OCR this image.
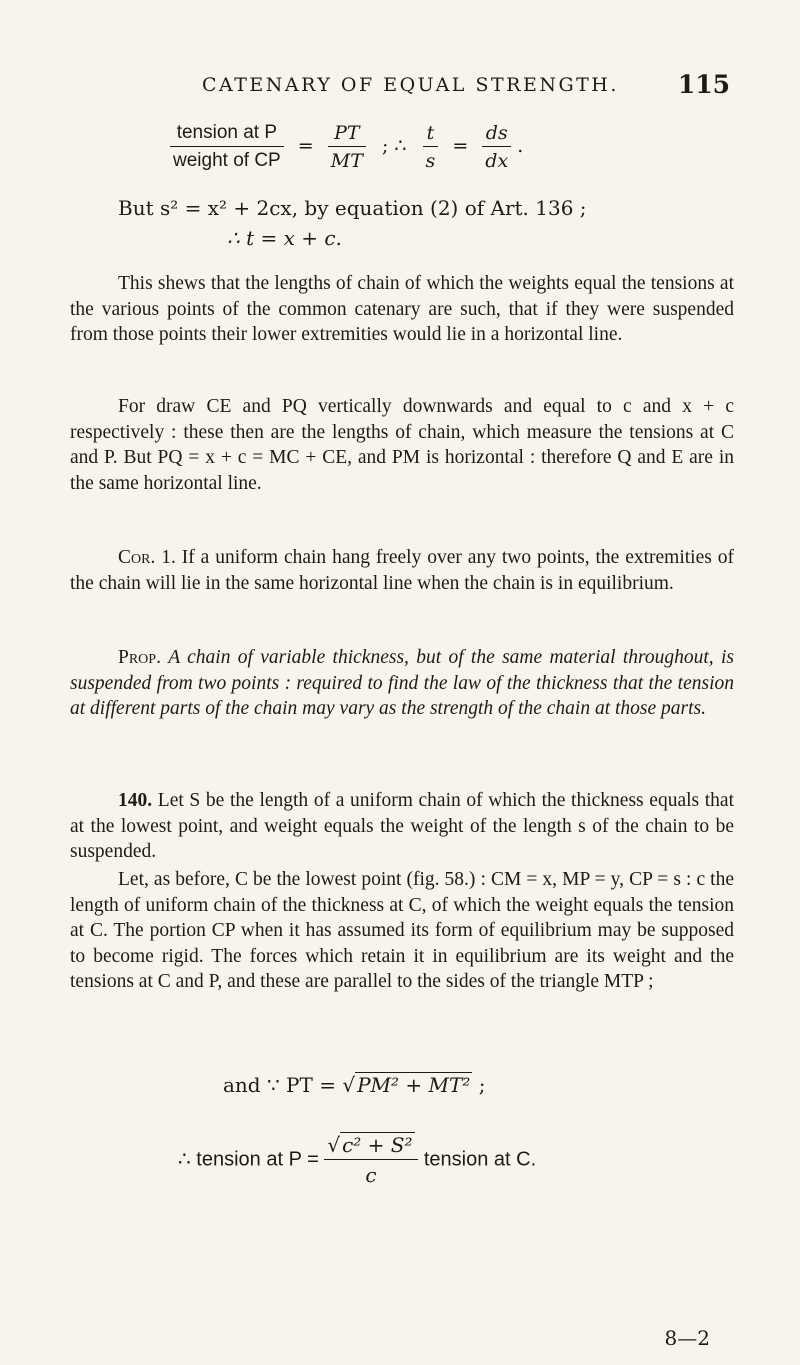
CATENARY OF EQUAL STRENGTH. 115
$\frac{\text{tension at P}}{\text{weight of CP}} = \frac{PT}{MT}$ ; ∴ $\frac{t}{s} = \frac{ds}{dx}$ .
But s² = x² + 2cx, by equation (2) of Art. 136 ;
∴ t = x + c.
This shews that the lengths of chain of which the weights equal the tensions at the various points of the common catenary are such, that if they were suspended from those points their lower extremities would lie in a horizontal line.
For draw CE and PQ vertically downwards and equal to c and x + c respectively : these then are the lengths of chain, which measure the tensions at C and P. But PQ = x + c = MC + CE, and PM is horizontal : therefore Q and E are in the same horizontal line.
Cor. 1. If a uniform chain hang freely over any two points, the extremities of the chain will lie in the same horizontal line when the chain is in equilibrium.
Prop. A chain of variable thickness, but of the same material throughout, is suspended from two points : required to find the law of the thickness that the tension at different parts of the chain may vary as the strength of the chain at those parts.
140. Let S be the length of a uniform chain of which the thickness equals that at the lowest point, and weight equals the weight of the length s of the chain to be suspended.
Let, as before, C be the lowest point (fig. 58.) : CM = x, MP = y, CP = s : c the length of uniform chain of the thickness at C, of which the weight equals the tension at C. The portion CP when it has assumed its form of equilibrium may be supposed to become rigid. The forces which retain it in equilibrium are its weight and the tensions at C and P, and these are parallel to the sides of the triangle MTP ;
and ∵ PT = √ PM² + MT² ;
∴ tension at $P = \frac{\text{√ c² + S²}}{c}$ tension at C.
8—2
